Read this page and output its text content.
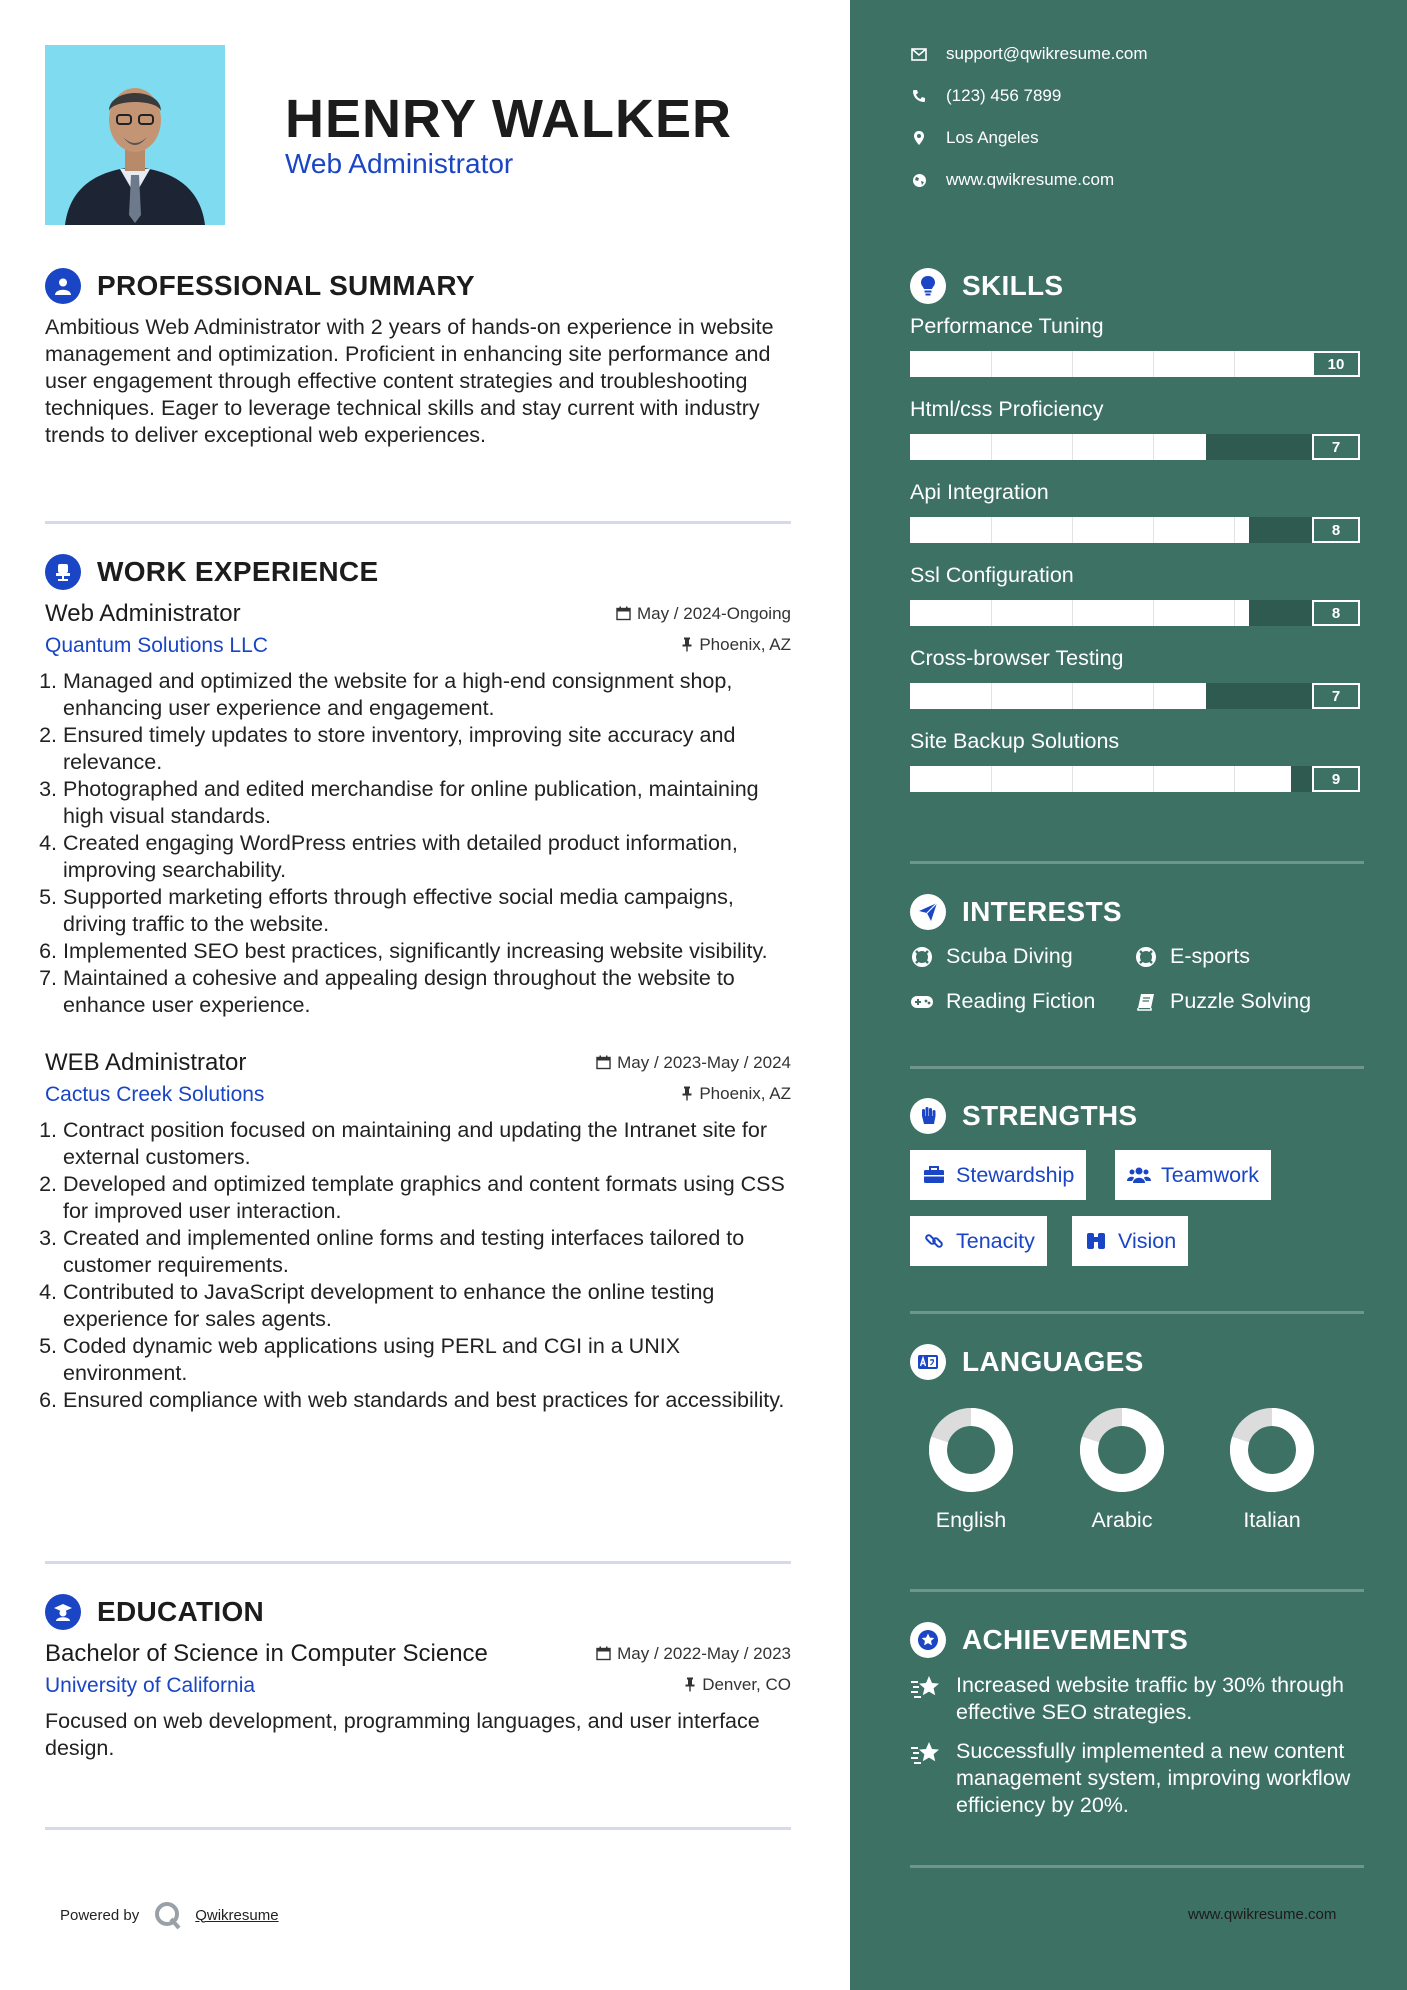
HENRY WALKER
Web Administrator
PROFESSIONAL SUMMARY

Ambitious Web Administrator with 2 years of hands-on experience in website management and optimization. Proficient in enhancing site performance and user engagement through effective content strategies and troubleshooting techniques. Eager to leverage technical skills and stay current with industry trends to deliver exceptional web experiences.

WORK EXPERIENCE
Web Administrator	May / 2024-Ongoing
Quantum Solutions LLC	Phoenix, AZ
1. Managed and optimized the website for a high-end consignment shop, enhancing user experience and engagement.
2. Ensured timely updates to store inventory, improving site accuracy and relevance.
3. Photographed and edited merchandise for online publication, maintaining high visual standards.
4. Created engaging WordPress entries with detailed product information, improving searchability.
5. Supported marketing efforts through effective social media campaigns, driving traffic to the website.
6. Implemented SEO best practices, significantly increasing website visibility.
7. Maintained a cohesive and appealing design throughout the website to enhance user experience.
WEB Administrator	May / 2023-May / 2024
Cactus Creek Solutions	Phoenix, AZ
1. Contract position focused on maintaining and updating the Intranet site for external customers.
2. Developed and optimized template graphics and content formats using CSS for improved user interaction.
3. Created and implemented online forms and testing interfaces tailored to customer requirements.
4. Contributed to JavaScript development to enhance the online testing experience for sales agents.
5. Coded dynamic web applications using PERL and CGI in a UNIX environment.
6. Ensured compliance with web standards and best practices for accessibility.
EDUCATION
Bachelor of Science in Computer Science	May / 2022-May / 2023
University of California	Denver, CO

Focused on web development, programming languages, and user interface design.

Powered by	Qwikresume
support@qwikresume.com
(123) 456 7899
Los Angeles
www.qwikresume.com
SKILLS

Performance Tuning

10

Html/css Proficiency

7

Api Integration

8

Ssl Configuration

8

Cross-browser Testing

7

Site Backup Solutions

9
INTERESTS
Scuba Diving	E-sports
Reading Fiction	Puzzle Solving
STRENGTHS
Stewardship	Teamwork
Tenacity	Vision
LANGUAGES
English	Arabic	Italian
ACHIEVEMENTS
Increased website traffic by 30% through effective SEO strategies.
Successfully implemented a new content management system, improving workflow efficiency by 20%.
www.qwikresume.com
